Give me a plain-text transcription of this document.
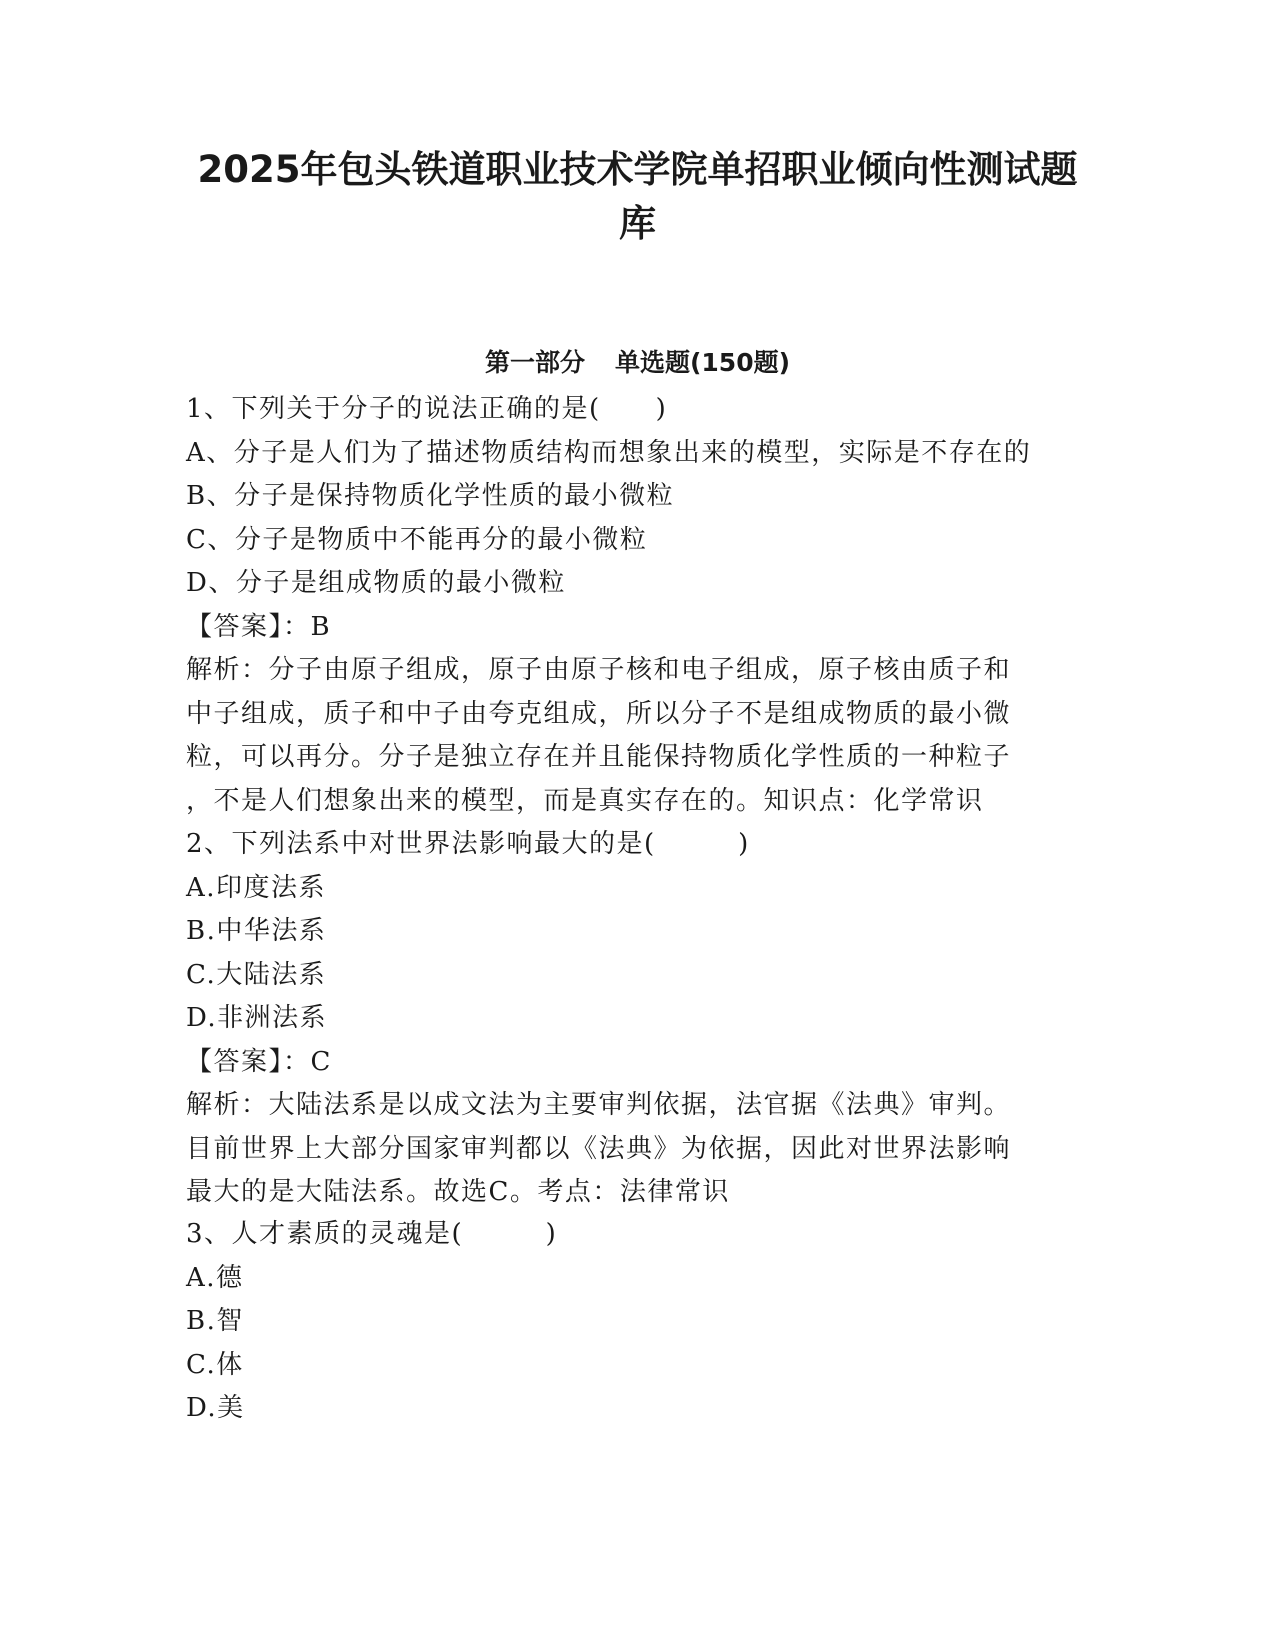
2025年包头铁道职业技术学院单招职业倾向性测试题
库
第一部分 单选题(150题)
1、下列关于分子的说法正确的是(　　)
A、分子是人们为了描述物质结构而想象出来的模型，实际是不存在的
B、分子是保持物质化学性质的最小微粒
C、分子是物质中不能再分的最小微粒
D、分子是组成物质的最小微粒
【答案】：B
解析：分子由原子组成，原子由原子核和电子组成，原子核由质子和
中子组成，质子和中子由夸克组成，所以分子不是组成物质的最小微
粒，可以再分。分子是独立存在并且能保持物质化学性质的一种粒子
，不是人们想象出来的模型，而是真实存在的。知识点：化学常识
2、下列法系中对世界法影响最大的是(　　　)
A.印度法系
B.中华法系
C.大陆法系
D.非洲法系
【答案】：C
解析：大陆法系是以成文法为主要审判依据，法官据《法典》审判。
目前世界上大部分国家审判都以《法典》为依据，因此对世界法影响
最大的是大陆法系。故选C。考点：法律常识
3、人才素质的灵魂是(　　　)
A.德
B.智
C.体
D.美
